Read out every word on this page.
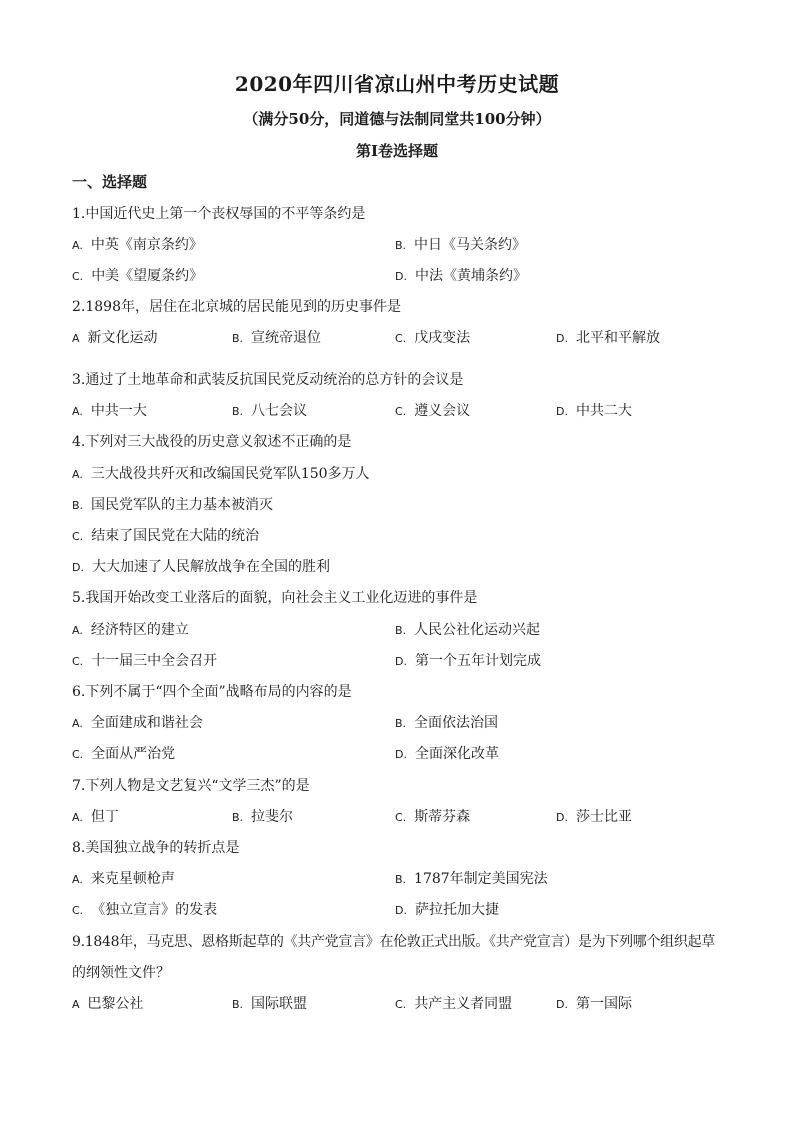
2020年四川省凉山州中考历史试题
（满分50分，同道德与法制同堂共100分钟）
第Ⅰ卷选择题
一、选择题
1.中国近代史上第一个丧权辱国的不平等条约是
A. 中英《南京条约》	B. 中日《马关条约》
C. 中美《望厦条约》	D. 中法《黄埔条约》
2.1898年，居住在北京城的居民能见到的历史事件是
A 新文化运动	B. 宣统帝退位	C. 戊戌变法	D. 北平和平解放
3.通过了土地革命和武装反抗国民党反动统治的总方针的会议是
A. 中共一大	B. 八七会议	C. 遵义会议	D. 中共二大
4.下列对三大战役的历史意义叙述不正确的是
A. 三大战役共歼灭和改编国民党军队150多万人
B. 国民党军队的主力基本被消灭
C. 结束了国民党在大陆的统治
D. 大大加速了人民解放战争在全国的胜利
5.我国开始改变工业落后的面貌，向社会主义工业化迈进的事件是
A. 经济特区的建立	B. 人民公社化运动兴起
C. 十一届三中全会召开	D. 第一个五年计划完成
6.下列不属于“四个全面”战略布局的内容的是
A. 全面建成和谐社会	B. 全面依法治国
C. 全面从严治党	D. 全面深化改革
7.下列人物是文艺复兴“文学三杰”的是
A. 但丁	B. 拉斐尔	C. 斯蒂芬森	D. 莎士比亚
8.美国独立战争的转折点是
A. 来克星顿枪声	B. 1787年制定美国宪法
C. 《独立宣言》的发表	D. 萨拉托加大捷
9.1848年，马克思、恩格斯起草的《共产党宣言》在伦敦正式出版。《共产党宣言）是为下列哪个组织起草
的纲领性文件？
A 巴黎公社	B. 国际联盟	C. 共产主义者同盟	D. 第一国际
